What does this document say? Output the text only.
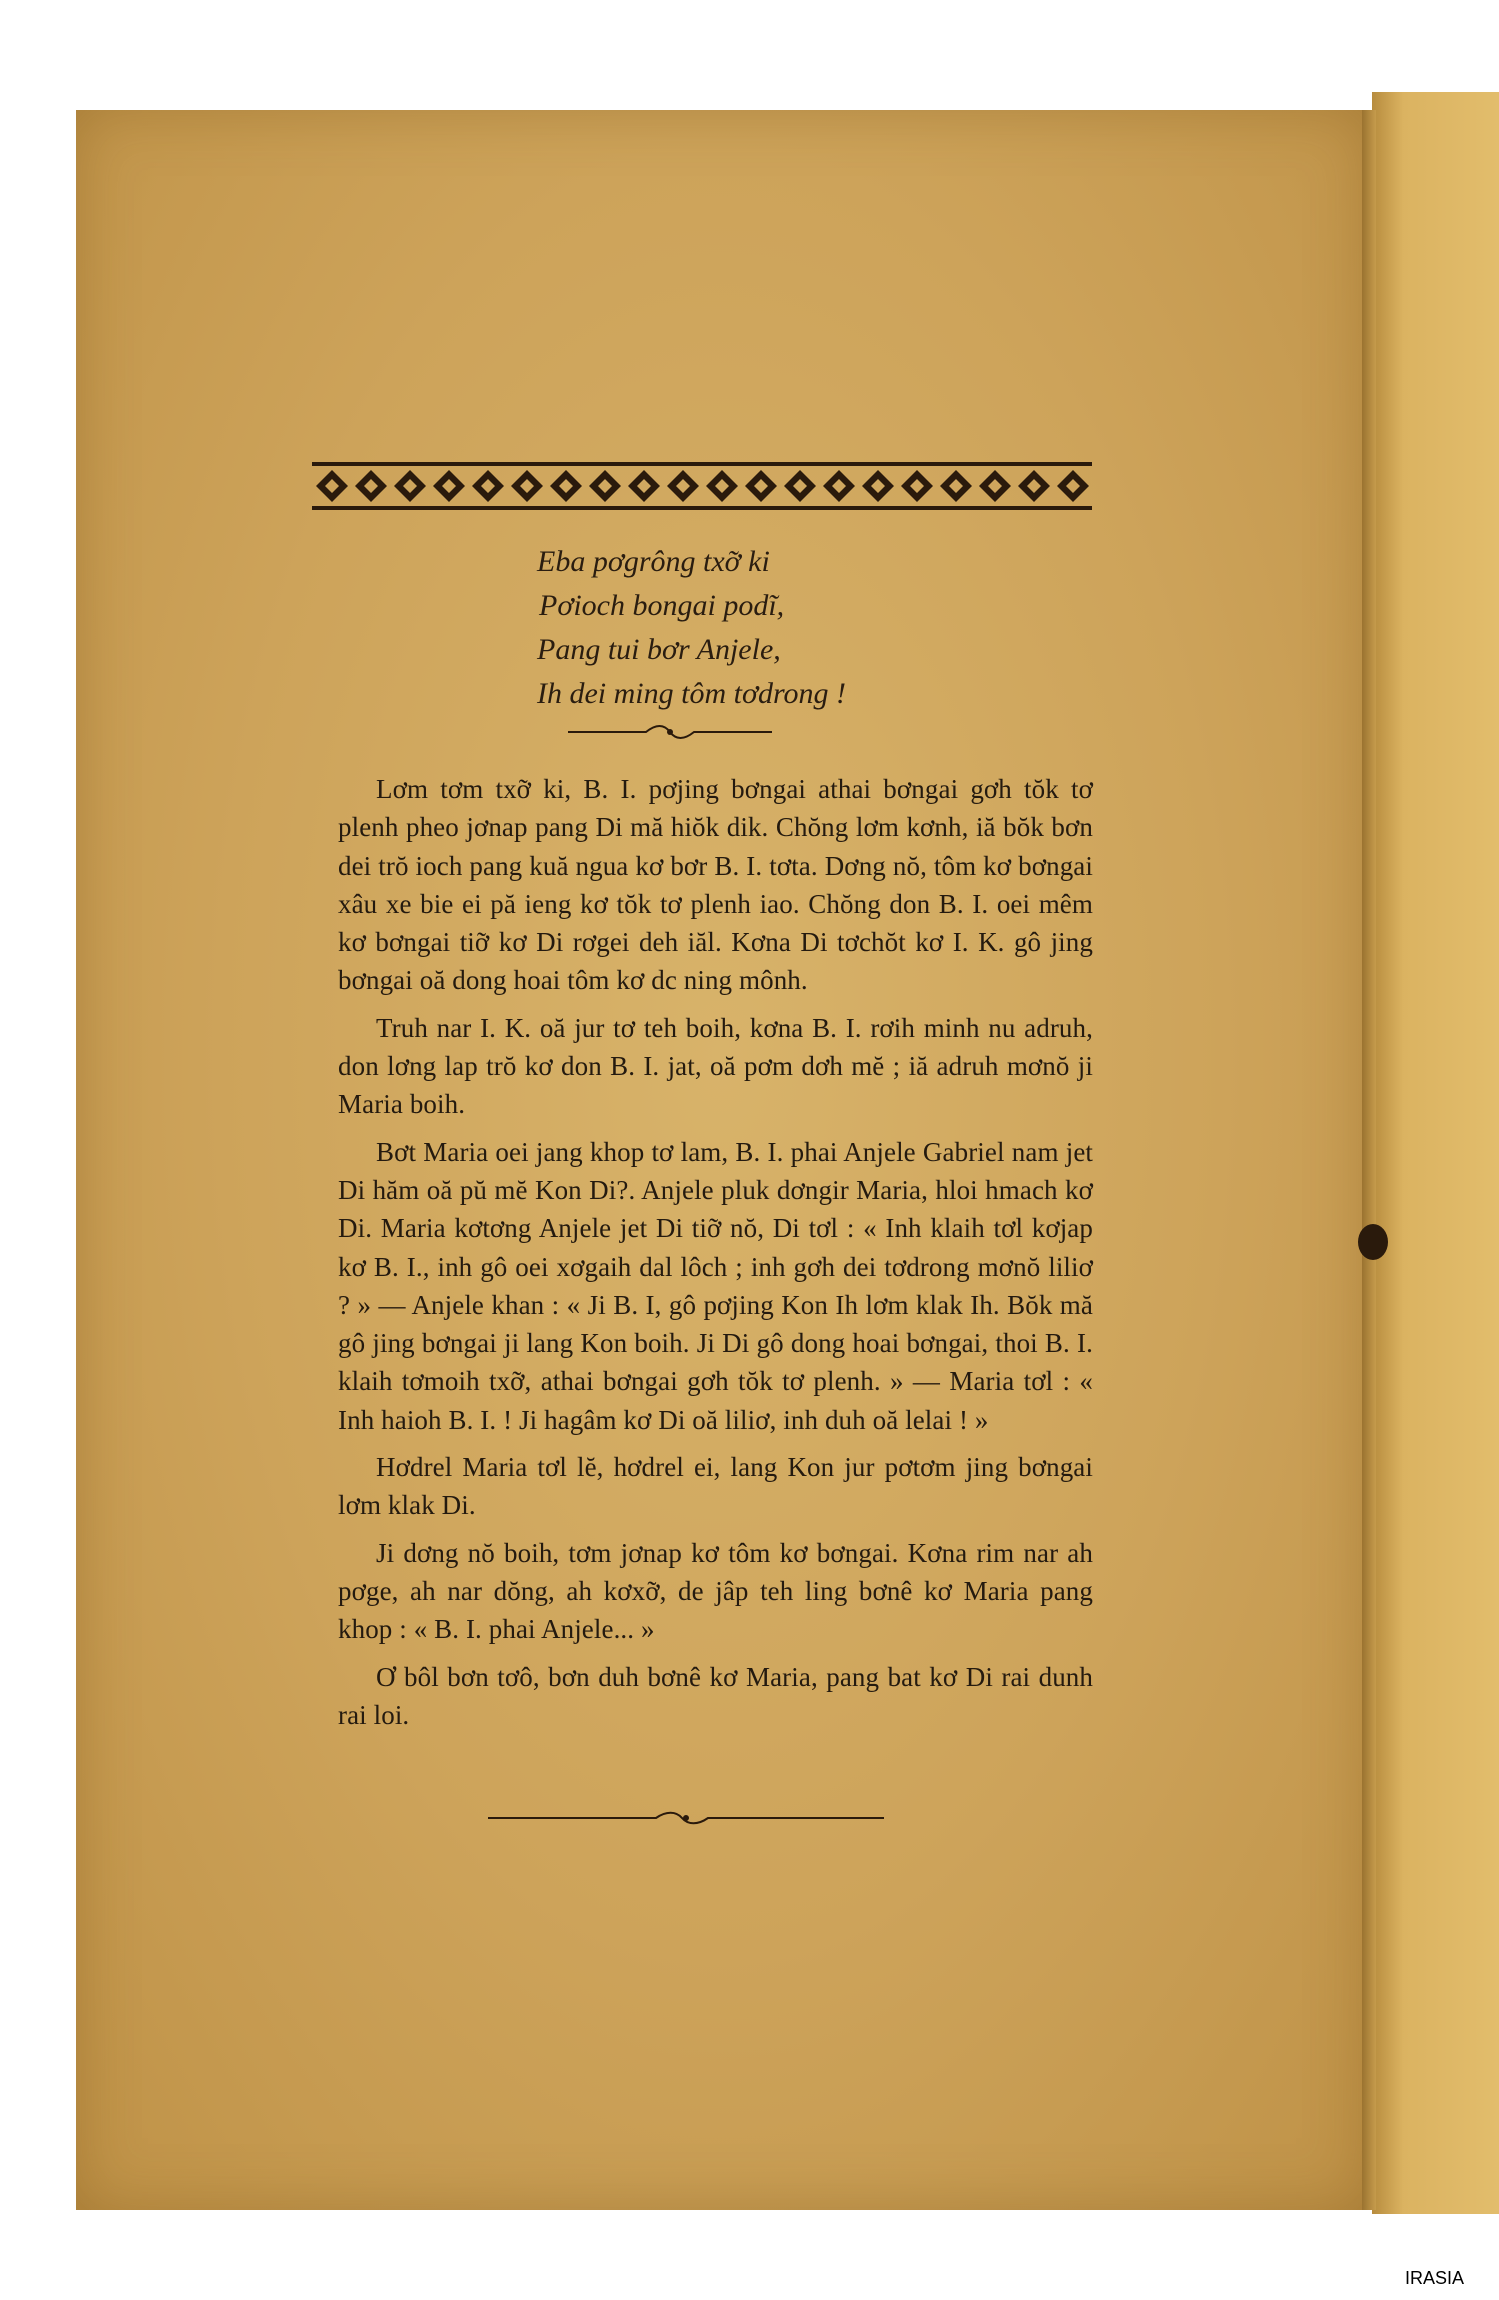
Eba pơgrông txỡ ki
Pơioch bongai podĩ,
Pang tui bơr Anjele,
Ih dei ming tôm tơdrong !

Lơm tơm txỡ ki, B. I. pơjing bơngai athai bơngai gơh tŏk tơ plenh pheo jơnap pang Di mă hiŏk dik. Chŏng lơm kơnh, iă bŏk bơn dei trŏ ioch pang kuă ngua kơ bơr B. I. tơta. Dơng nŏ, tôm kơ bơngai xâu xe bie ei pă ieng kơ tŏk tơ plenh iao. Chŏng don B. I. oei mêm kơ bơngai tiỡ kơ Di rơgei deh iăl. Kơna Di tơchŏt kơ I. K. gô jing bơngai oă dong hoai tôm kơ dc ning mônh.

Truh nar I. K. oă jur tơ teh boih, kơna B. I. rơih minh nu adruh, don lơng lap trŏ kơ don B. I. jat, oă pơm dơh mĕ ; iă adruh mơnŏ ji Maria boih.

Bơt Maria oei jang khop tơ lam, B. I. phai Anjele Gabriel nam jet Di hăm oă pŭ mĕ Kon Di?. Anjele pluk dơngir Maria, hloi hmach kơ Di. Maria kơtơng Anjele jet Di tiỡ nŏ, Di tơl : « Inh klaih tơl kơjap kơ B. I., inh gô oei xơgaih dal lôch ; inh gơh dei tơdrong mơnŏ liliơ ? » — Anjele khan : « Ji B. I, gô pơjing Kon Ih lơm klak Ih. Bŏk mă gô jing bơngai ji lang Kon boih. Ji Di gô dong hoai bơngai, thoi B. I. klaih tơmoih txỡ, athai bơngai gơh tŏk tơ plenh. » — Maria tơl : « Inh haioh B. I. ! Ji hagâm kơ Di oă liliơ, inh duh oă lelai ! »

Hơdrel Maria tơl lĕ, hơdrel ei, lang Kon jur pơtơm jing bơngai lơm klak Di.

Ji dơng nŏ boih, tơm jơnap kơ tôm kơ bơngai. Kơna rim nar ah pơge, ah nar dŏng, ah kơxỡ, de jâp teh ling bơnê kơ Maria pang khop : « B. I. phai Anjele... »

Ơ bôl bơn tơô, bơn duh bơnê kơ Maria, pang bat kơ Di rai dunh rai loi.

IRASIA
